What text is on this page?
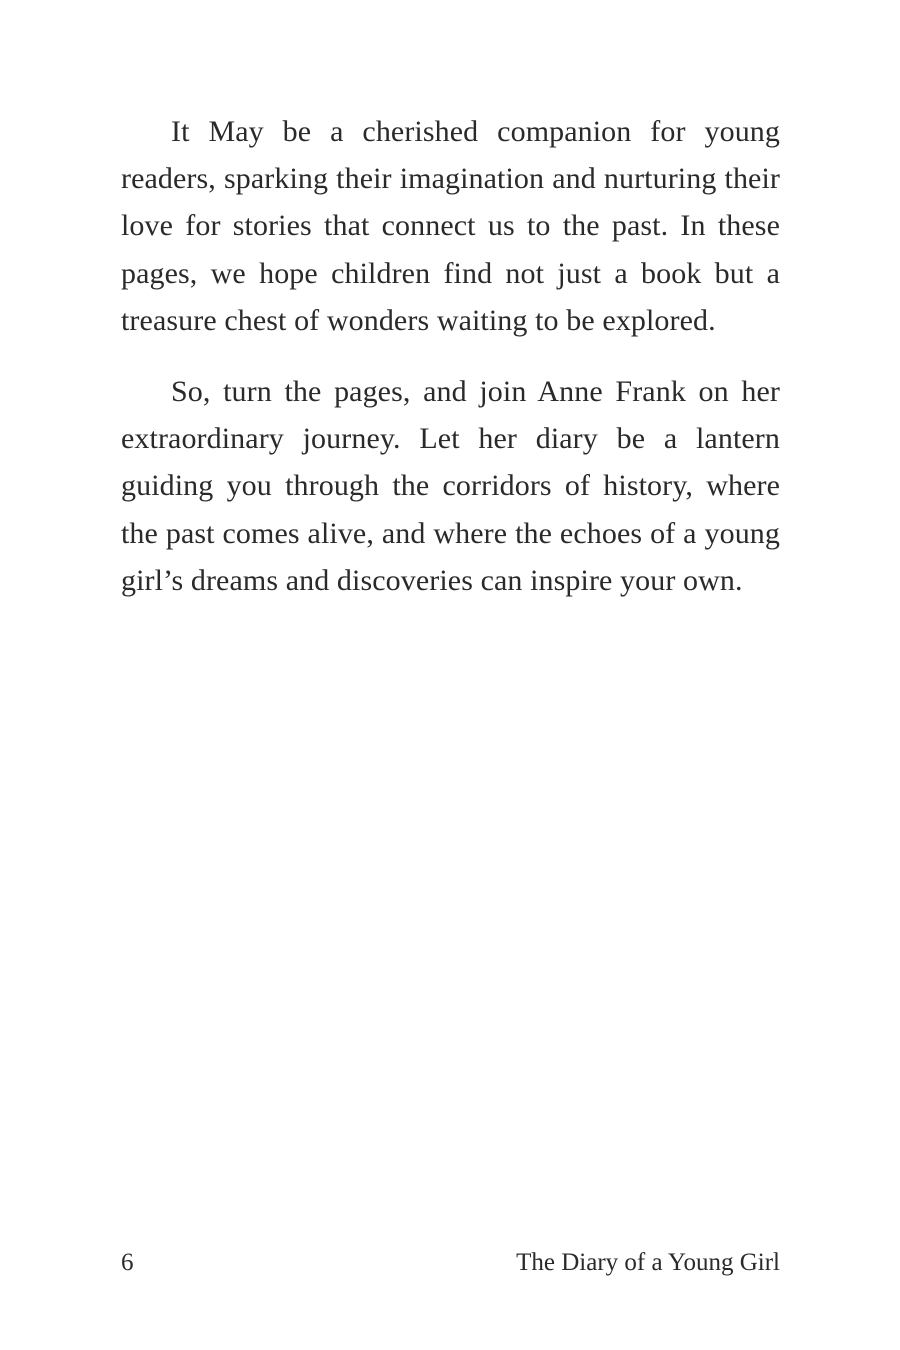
It May be a cherished companion for young readers, sparking their imagination and nurturing their love for stories that connect us to the past. In these pages, we hope children find not just a book but a treasure chest of wonders waiting to be explored.

So, turn the pages, and join Anne Frank on her extraordinary journey. Let her diary be a lantern guiding you through the corridors of history, where the past comes alive, and where the echoes of a young girl’s dreams and discoveries can inspire your own.

6	The Diary of a Young Girl
